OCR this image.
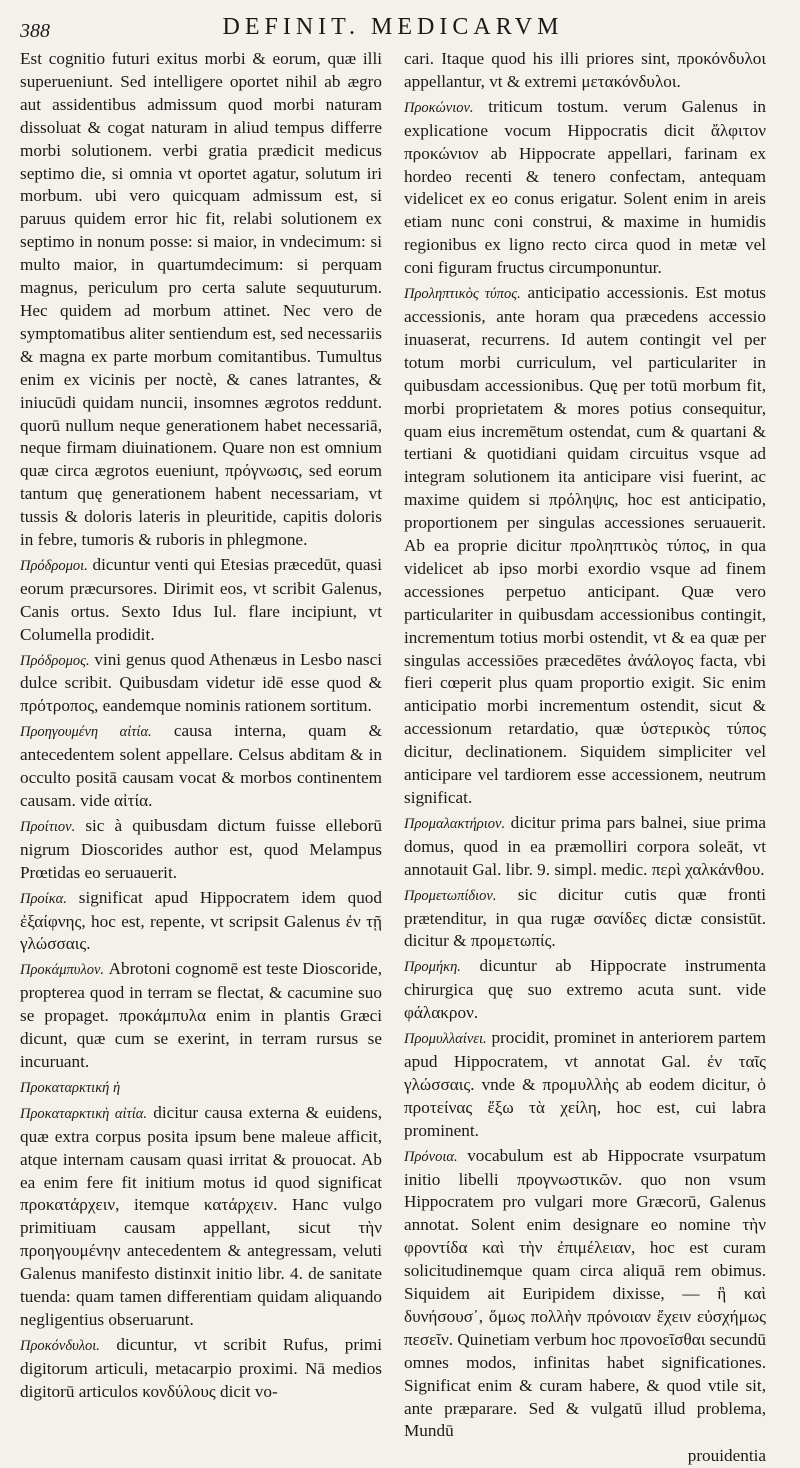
388	DEFINIT. MEDICARVM

Est cognitio futuri exitus morbi & eorum, quæ illi superueniunt. Sed intelligere oportet nihil ab ægro aut assidentibus admissum quod morbi naturam dissoluat & cogat naturam in aliud tempus differre morbi solutionem. verbi gratia prædicit medicus septimo die, si omnia vt oportet agatur, solutum iri morbum. ubi vero quicquam admissum est, si paruus quidem error hic fit, relabi solutionem ex septimo in nonum posse: si maior, in vndecimum: si multo maior, in quartumdecimum: si perquam magnus, periculum pro certa salute sequuturum. Hec quidem ad morbum attinet. Nec vero de symptomatibus aliter sentiendum est, sed necessariis & magna ex parte morbum comitantibus. Tumultus enim ex vicinis per noctè, & canes latrantes, & iniucūdi quidam nuncii, insomnes ægrotos reddunt. quorū nullum neque generationem habet necessariā, neque firmam diuinationem. Quare non est omnium quæ circa ægrotos eueniunt, πρόγνωσις, sed eorum tantum quę generationem habent necessariam, vt tussis & doloris lateris in pleuritide, capitis doloris in febre, tumoris & ruboris in phlegmone.

Πρόδρομοι. dicuntur venti qui Etesias præcedūt, quasi eorum præcursores. Dirimit eos, vt scribit Galenus, Canis ortus. Sexto Idus Iul. flare incipiunt, vt Columella prodidit.

Πρόδρομος. vini genus quod Athenæus in Lesbo nasci dulce scribit. Quibusdam videtur idē esse quod & πρότροπος, eandemque nominis rationem sortitum.

Προηγουμένη αἰτία. causa interna, quam & antecedentem solent appellare. Celsus abditam & in occulto positā causam vocat & morbos continentem causam. vide αἰτία.

Προίτιον. sic à quibusdam dictum fuisse elleborū nigrum Dioscorides author est, quod Melampus Prœtidas eo seruauerit.

Προίκα. significat apud Hippocratem idem quod ἐξαίφνης, hoc est, repente, vt scripsit Galenus ἐν τῇ γλώσσαις.

Προκάμπυλον. Abrotoni cognomē est teste Dioscoride, propterea quod in terram se flectat, & cacumine suo se propaget. προκάμπυλα enim in plantis Græci dicunt, quæ cum se exerint, in terram rursus se incuruant.

Προκαταρκτική ἡ

Προκαταρκτικὴ αἰτία. dicitur causa externa & euidens, quæ extra corpus posita ipsum bene maleue afficit, atque internam causam quasi irritat & prouocat. Ab ea enim fere fit initium motus id quod significat προκατάρχειν, itemque κατάρχειν. Hanc vulgo primitiuam causam appellant, sicut τὴν προηγουμένην antecedentem & antegressam, veluti Galenus manifesto distinxit initio libr. 4. de sanitate tuenda: quam tamen differentiam quidam aliquando negligentius obseruarunt.

Προκόνδυλοι. dicuntur, vt scribit Rufus, primi digitorum articuli, metacarpio proximi. Nā medios digitorū articulos κονδύλους dicit vo-

cari. Itaque quod his illi priores sint, προκόνδυλοι appellantur, vt & extremi μετακόνδυλοι.

Προκώνιον. triticum tostum. verum Galenus in explicatione vocum Hippocratis dicit ἄλφιτον προκώνιον ab Hippocrate appellari, farinam ex hordeo recenti & tenero confectam, antequam videlicet ex eo conus erigatur. Solent enim in areis etiam nunc coni construi, & maxime in humidis regionibus ex ligno recto circa quod in metæ vel coni figuram fructus circumponuntur.

Προληπτικὸς τύπος. anticipatio accessionis. Est motus accessionis, ante horam qua præcedens accessio inuaserat, recurrens. Id autem contingit vel per totum morbi curriculum, vel particulariter in quibusdam accessionibus. Quę per totū morbum fit, morbi proprietatem & mores potius consequitur, quam eius incremētum ostendat, cum & quartani & tertiani & quotidiani quidam circuitus vsque ad integram solutionem ita anticipare visi fuerint, ac maxime quidem si πρόληψις, hoc est anticipatio, proportionem per singulas accessiones seruauerit. Ab ea proprie dicitur προληπτικὸς τύπος, in qua videlicet ab ipso morbi exordio vsque ad finem accessiones perpetuo anticipant. Quæ vero particulariter in quibusdam accessionibus contingit, incrementum totius morbi ostendit, vt & ea quæ per singulas accessiōes præcedētes ἀνάλογος facta, vbi fieri cœperit plus quam proportio exigit. Sic enim anticipatio morbi incrementum ostendit, sicut & accessionum retardatio, quæ ὑστερικὸς τύπος dicitur, declinationem. Siquidem simpliciter vel anticipare vel tardiorem esse accessionem, neutrum significat.

Προμαλακτήριον. dicitur prima pars balnei, siue prima domus, quod in ea præmolliri corpora soleāt, vt annotauit Gal. libr. 9. simpl. medic. περὶ χαλκάνθου.

Προμετωπίδιον. sic dicitur cutis quæ fronti prætenditur, in qua rugæ σανίδες dictæ consistūt. dicitur & προμετωπίς.

Προμήκη. dicuntur ab Hippocrate instrumenta chirurgica quę suo extremo acuta sunt. vide φάλακρον.

Προμυλλαίνει. procidit, prominet in anteriorem partem apud Hippocratem, vt annotat Gal. ἐν ταῖς γλώσσαις. vnde & προμυλλὴς ab eodem dicitur, ὁ προτείνας ἔξω τὰ χείλη, hoc est, cui labra prominent.

Πρόνοια. vocabulum est ab Hippocrate vsurpatum initio libelli προγνωστικῶν. quo non vsum Hippocratem pro vulgari more Græcorū, Galenus annotat. Solent enim designare eo nomine τὴν φροντίδα καὶ τὴν ἐπιμέλειαν, hoc est curam solicitudinemque quam circa aliquā rem obimus. Siquidem ait Euripidem dixisse, — ἣ καὶ δυνήσουσ᾽, ὅμως πολλὴν πρόνοιαν ἔχειν εὐσχήμως πεσεῖν. Quinetiam verbum hoc προνοεῖσθαι secundū omnes modos, infinitas habet significationes. Significat enim & curam habere, & quod vtile sit, ante præparare. Sed & vulgatū illud problema, Mundū

prouidentia
